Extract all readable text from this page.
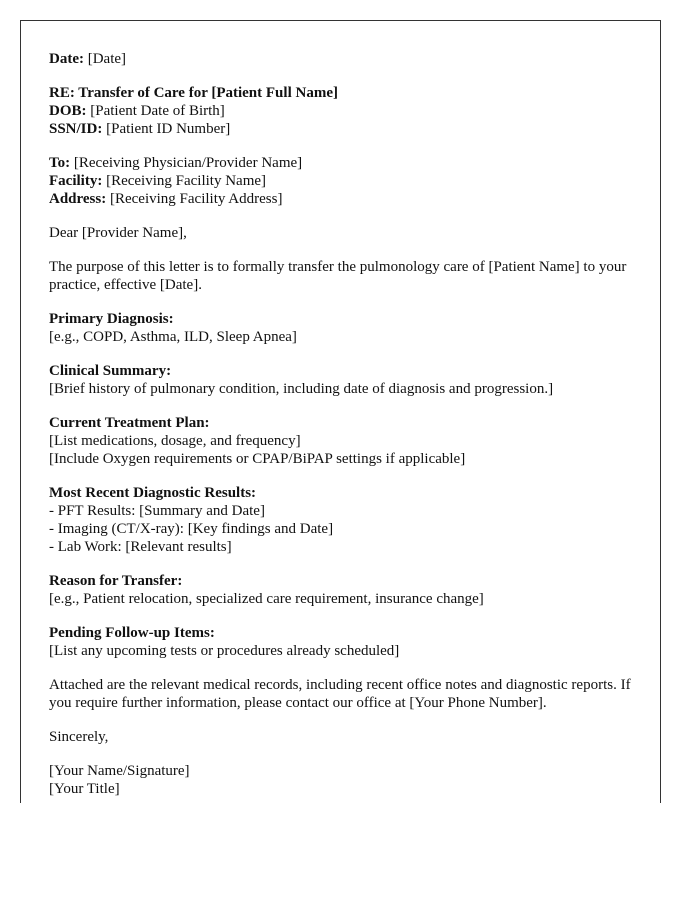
Date: [Date]

RE: Transfer of Care for [Patient Full Name]
DOB: [Patient Date of Birth]
SSN/ID: [Patient ID Number]

To: [Receiving Physician/Provider Name]
Facility: [Receiving Facility Name]
Address: [Receiving Facility Address]

Dear [Provider Name],

The purpose of this letter is to formally transfer the pulmonology care of [Patient Name] to your practice, effective [Date].

Primary Diagnosis:
[e.g., COPD, Asthma, ILD, Sleep Apnea]

Clinical Summary:
[Brief history of pulmonary condition, including date of diagnosis and progression.]

Current Treatment Plan:
[List medications, dosage, and frequency]
[Include Oxygen requirements or CPAP/BiPAP settings if applicable]

Most Recent Diagnostic Results:
- PFT Results: [Summary and Date]
- Imaging (CT/X-ray): [Key findings and Date]
- Lab Work: [Relevant results]

Reason for Transfer:
[e.g., Patient relocation, specialized care requirement, insurance change]

Pending Follow-up Items:
[List any upcoming tests or procedures already scheduled]

Attached are the relevant medical records, including recent office notes and diagnostic reports. If you require further information, please contact our office at [Your Phone Number].

Sincerely,

[Your Name/Signature]
[Your Title]
